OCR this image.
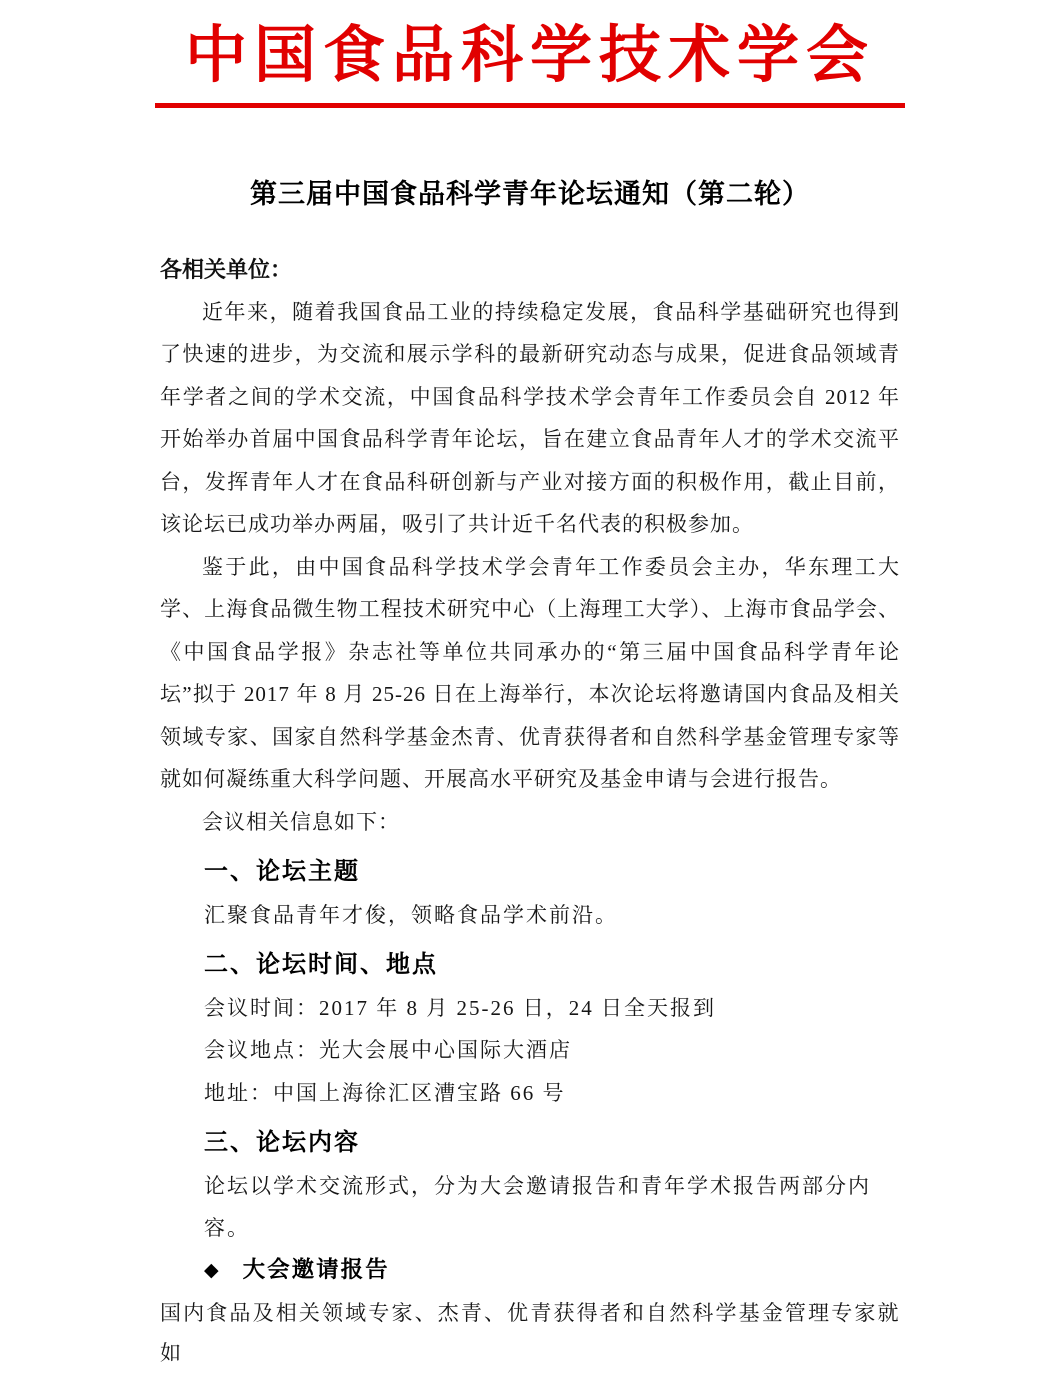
中国食品科学技术学会
第三届中国食品科学青年论坛通知（第二轮）

各相关单位：

近年来，随着我国食品工业的持续稳定发展，食品科学基础研究也得到了快速的进步，为交流和展示学科的最新研究动态与成果，促进食品领域青年学者之间的学术交流，中国食品科学技术学会青年工作委员会自 2012 年开始举办首届中国食品科学青年论坛，旨在建立食品青年人才的学术交流平台，发挥青年人才在食品科研创新与产业对接方面的积极作用，截止目前，该论坛已成功举办两届，吸引了共计近千名代表的积极参加。

鉴于此，由中国食品科学技术学会青年工作委员会主办，华东理工大学、上海食品微生物工程技术研究中心（上海理工大学）、上海市食品学会、《中国食品学报》杂志社等单位共同承办的“第三届中国食品科学青年论坛”拟于 2017 年 8 月 25-26 日在上海举行，本次论坛将邀请国内食品及相关领域专家、国家自然科学基金杰青、优青获得者和自然科学基金管理专家等就如何凝练重大科学问题、开展高水平研究及基金申请与会进行报告。

会议相关信息如下：

一、论坛主题

汇聚食品青年才俊，领略食品学术前沿。

二、论坛时间、地点

会议时间：2017 年 8 月 25-26 日，24 日全天报到

会议地点：光大会展中心国际大酒店

地址：中国上海徐汇区漕宝路 66 号

三、论坛内容

论坛以学术交流形式，分为大会邀请报告和青年学术报告两部分内容。

◆ 大会邀请报告

国内食品及相关领域专家、杰青、优青获得者和自然科学基金管理专家就如
